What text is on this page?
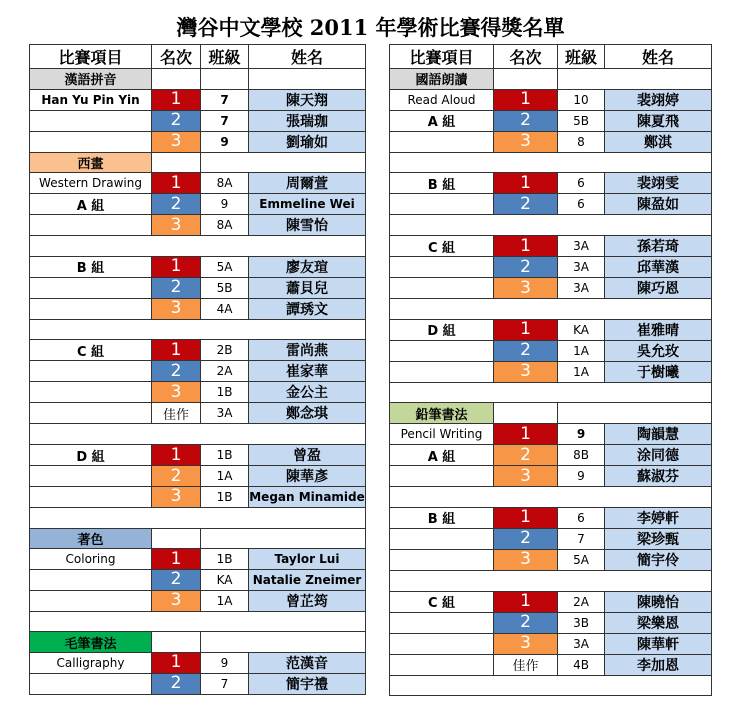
灣谷中文學校 2011 年學術比賽得獎名單
比賽項目	名次	班級	姓名
漢語拼音			
Han Yu Pin Yin	1	7	陳天翔
	2	7	張瑞珈
	3	9	劉瑜如
西畫			
Western Drawing	1	8A	周爾萱
A 組	2	9	Emmeline Wei
	3	8A	陳雪怡

B 組	1	5A	廖友瑄
	2	5B	蕭貝兒
	3	4A	譚琇文

C 組	1	2B	雷尚燕
	2	2A	崔家華
	3	1B	金公主
	佳作	3A	鄭念琪

D 組	1	1B	曾盈
	2	1A	陳華彥
	3	1B	Megan Minamide

著色			
Coloring	1	1B	Taylor Lui
	2	KA	Natalie Zneimer
	3	1A	曾芷筠

毛筆書法			
Calligraphy	1	9	范漢音
	2	7	簡宇禮
比賽項目	名次	班級	姓名
國語朗讀			
Read Aloud	1	10	裴翊婷
A 組	2	5B	陳夏飛
	3	8	鄭淇

B 組	1	6	裴翊雯
	2	6	陳盈如

C 組	1	3A	孫若琦
	2	3A	邱華漢
	3	3A	陳巧恩

D 組	1	KA	崔雅晴
	2	1A	吳允玫
	3	1A	于樹曦

鉛筆書法			
Pencil Writing	1	9	陶韻慧
A 組	2	8B	涂同德
	3	9	蘇淑芬

B 組	1	6	李婷軒
	2	7	梁珍甄
	3	5A	簡宇伶

C 組	1	2A	陳曉怡
	2	3B	梁樂恩
	3	3A	陳華軒
	佳作	4B	李加恩
